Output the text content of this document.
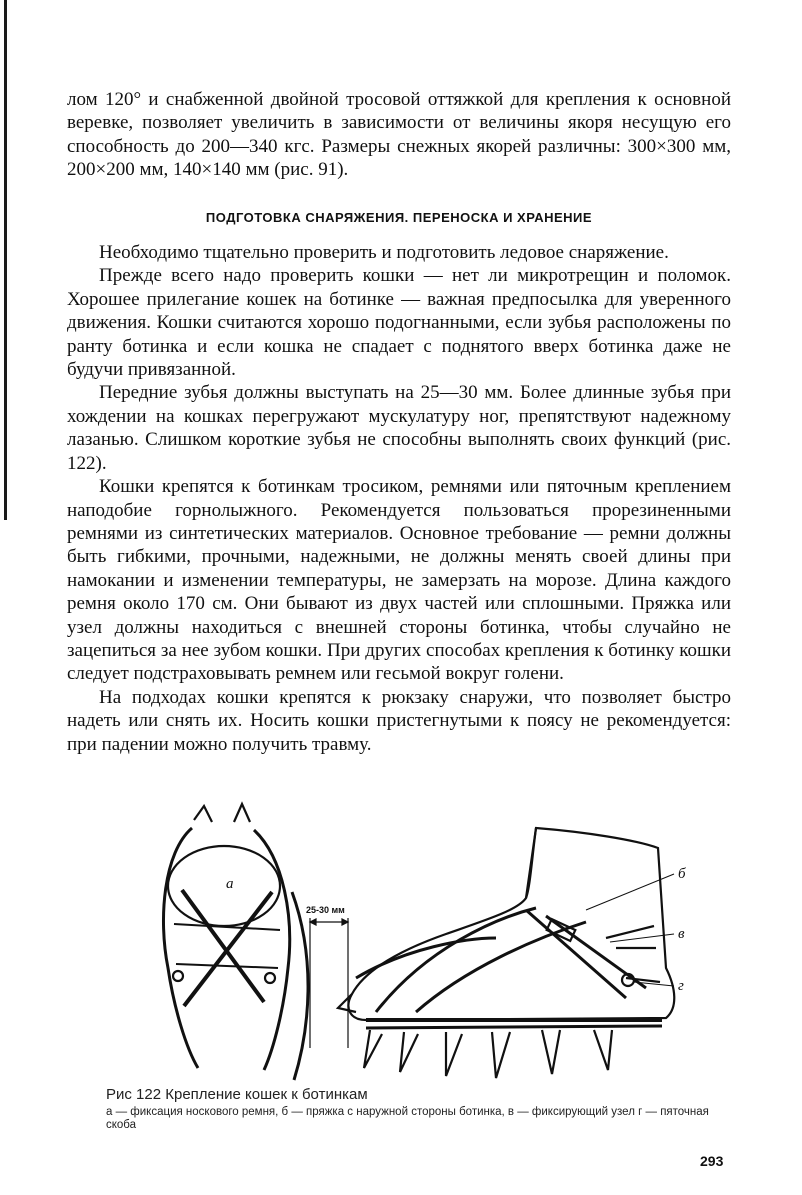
лом 120° и снабженной двойной тросовой оттяжкой для крепления к основной веревке, позволяет увеличить в зависимости от величины якоря несущую его способность до 200—340 кгс. Размеры снежных якорей различны: 300×300 мм, 200×200 мм, 140×140 мм (рис. 91).

ПОДГОТОВКА СНАРЯЖЕНИЯ. ПЕРЕНОСКА И ХРАНЕНИЕ

Необходимо тщательно проверить и подготовить ледовое снаряжение.

Прежде всего надо проверить кошки — нет ли микротрещин и поломок. Хорошее прилегание кошек на ботинке — важная предпосылка для уверенного движения. Кошки считаются хорошо подогнанными, если зубья расположены по ранту ботинка и если кошка не спадает с поднятого вверх ботинка даже не будучи привязанной.

Передние зубья должны выступать на 25—30 мм. Более длинные зубья при хождении на кошках перегружают мускулатуру ног, препятствуют надежному лазанью. Слишком короткие зубья не способны выполнять своих функций (рис. 122).

Кошки крепятся к ботинкам тросиком, ремнями или пяточным креплением наподобие горнолыжного. Рекомендуется пользоваться прорезиненными ремнями из синтетических материалов. Основное требование — ремни должны быть гибкими, прочными, надежными, не должны менять своей длины при намокании и изменении температуры, не замерзать на морозе. Длина каждого ремня около 170 см. Они бывают из двух частей или сплошными. Пряжка или узел должны находиться с внешней стороны ботинка, чтобы случайно не зацепиться за нее зубом кошки. При других способах крепления к ботинку кошки следует подстраховывать ремнем или гесьмой вокруг голени.

На подходах кошки крепятся к рюкзаку снаружи, что позволяет быстро надеть или снять их. Носить кошки пристегнутыми к поясу не рекомендуется: при падении можно получить травму.

а
25-30 мм
б
в
г

Рис 122 Крепление кошек к ботинкам

а — фиксация носкового ремня, б — пряжка с наружной стороны ботинка, в — фиксирующий узел г — пяточная скоба

293
